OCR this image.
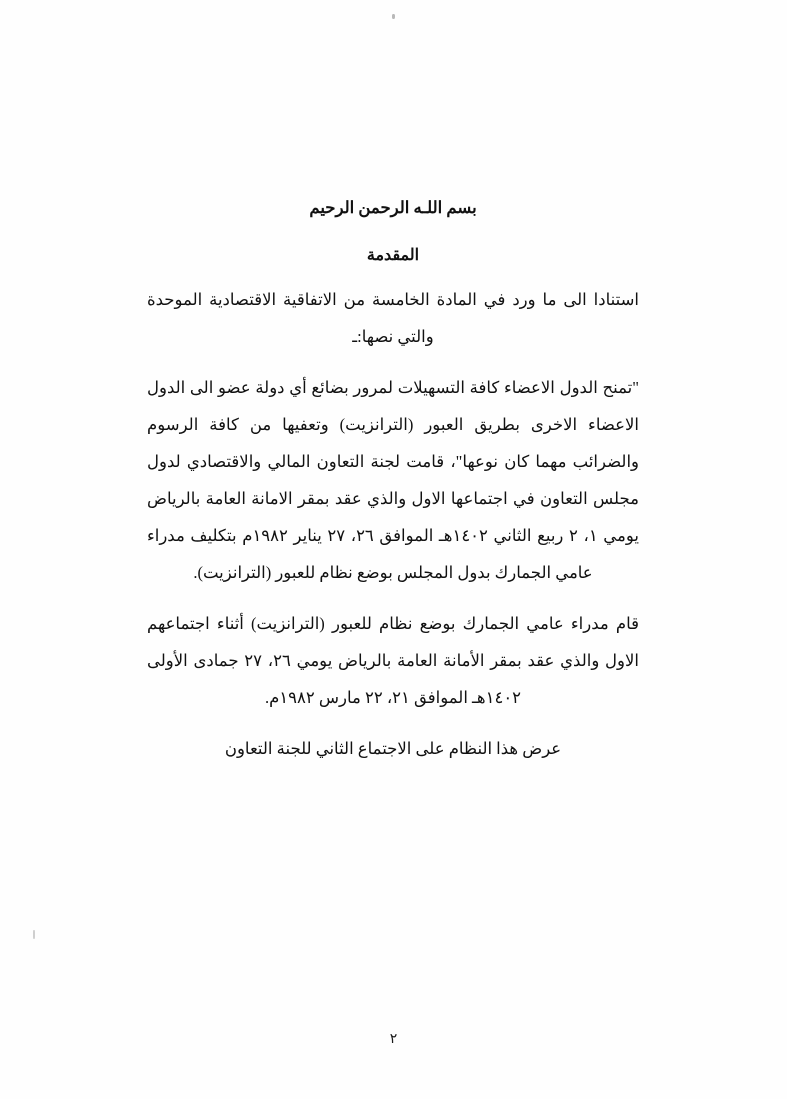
بسم اللـه الرحمن الرحيم
المقدمة

استنادا الى ما ورد في المادة الخامسة من الاتفاقية الاقتصادية الموحدة والتي نصها:ـ

"تمنح الدول الاعضاء كافة التسهيلات لمرور بضائع أي دولة عضو الى الدول الاعضاء الاخرى بطريق العبور (الترانزيت) وتعفيها من كافة الرسوم والضرائب مهما كان نوعها"، قامت لجنة التعاون المالي والاقتصادي لدول مجلس التعاون في اجتماعها الاول والذي عقد بمقر الامانة العامة بالرياض يومي ١، ٢ ربيع الثاني ١٤٠٢هـ الموافق ٢٦، ٢٧ يناير ١٩٨٢م بتكليف مدراء عامي الجمارك بدول المجلس بوضع نظام للعبور (الترانزيت).

قام مدراء عامي الجمارك بوضع نظام للعبور (الترانزيت) أثناء اجتماعهم الاول والذي عقد بمقر الأمانة العامة بالرياض يومي ٢٦، ٢٧ جمادى الأولى ١٤٠٢هـ الموافق ٢١، ٢٢ مارس ١٩٨٢م.

عرض هذا النظام على الاجتماع الثاني للجنة التعاون

٢
